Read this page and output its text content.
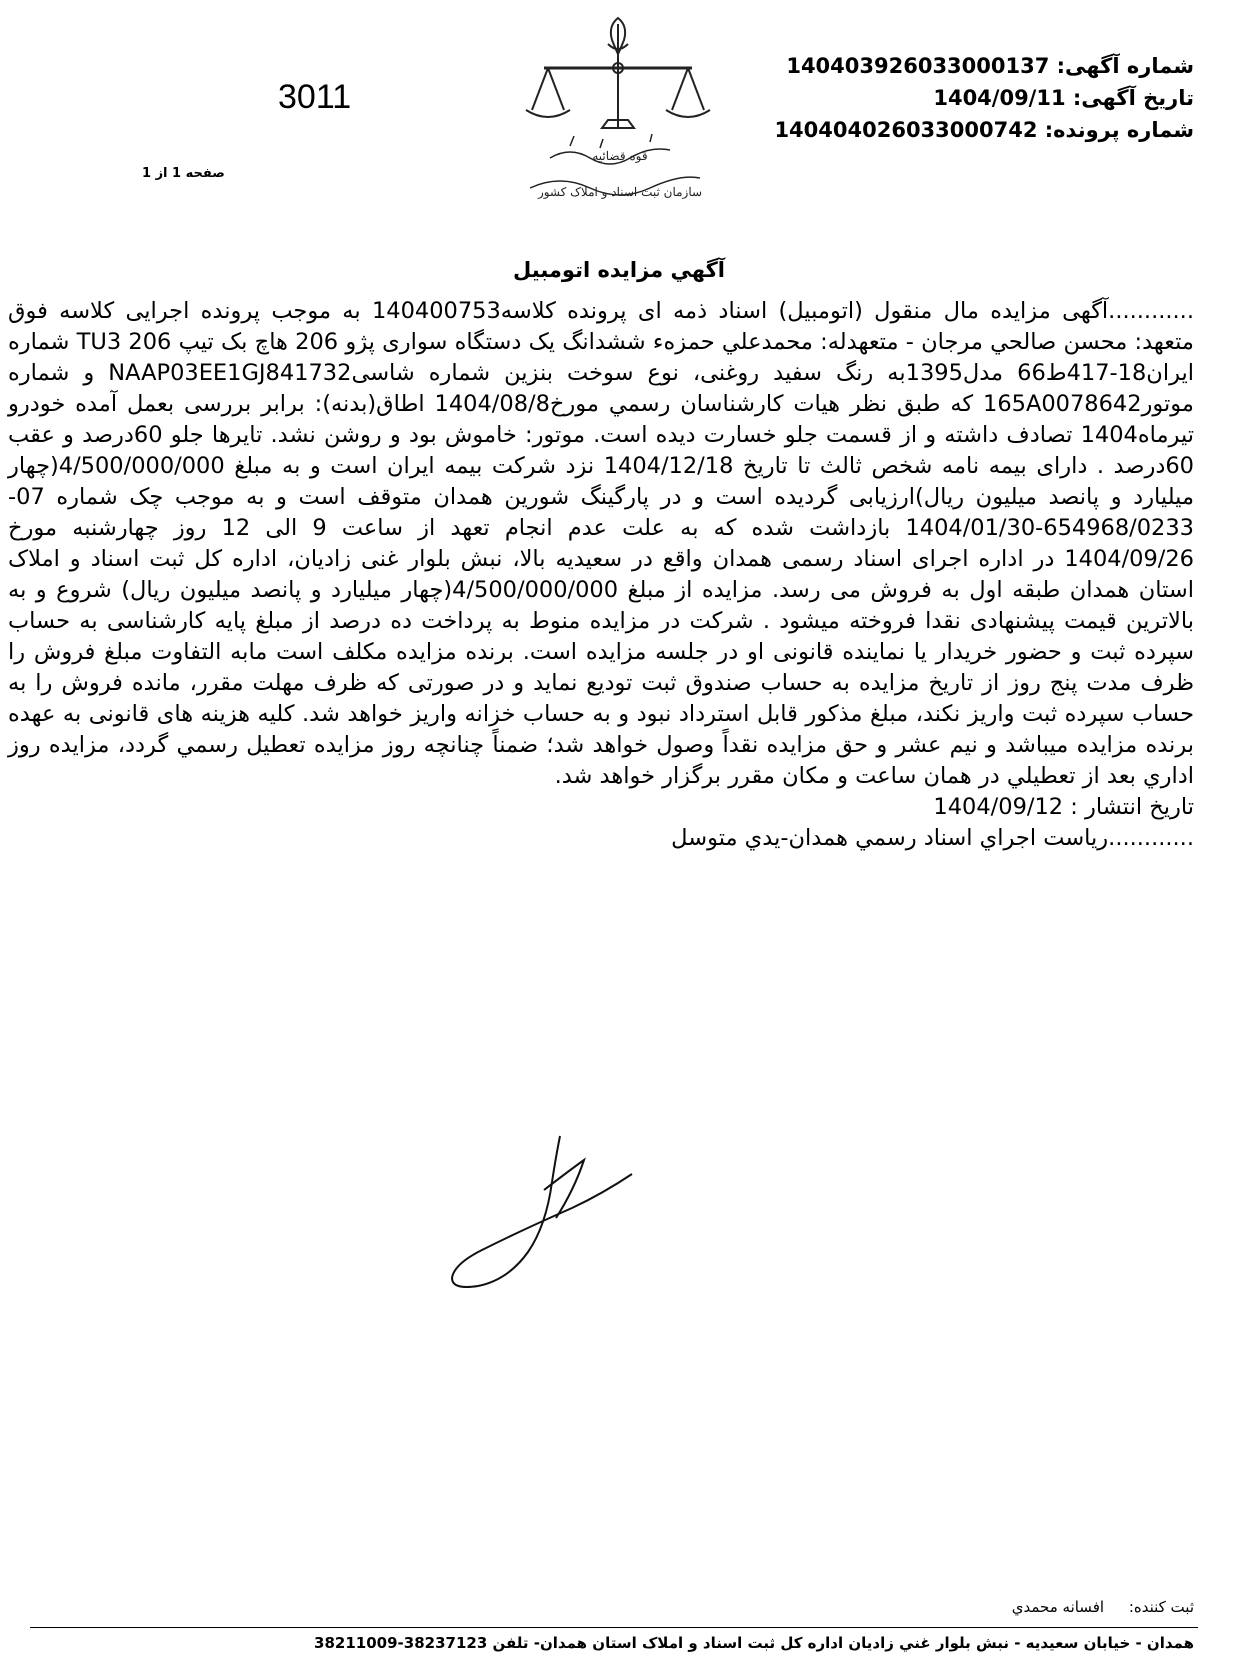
شماره آگهی: 140403926033000137
تاریخ آگهی: 1404/09/11
شماره پرونده: 140404026033000742
3011
صفحه 1 از 1
قوه قضائیه
سازمان ثبت اسناد و املاک کشور
آگهي مزايده اتومبيل

............آگهی مزایده مال منقول (اتومبیل) اسناد ذمه ای پرونده کلاسه140400753 به موجب پرونده اجرایی کلاسه فوق متعهد: محسن صالحي مرجان - متعهدله: محمدعلي حمزهء ششدانگ یک دستگاه سواری پژو 206 هاچ بک تیپ TU3 206 شماره ایران18-417ط66 مدل1395به رنگ سفید روغنی، نوع سوخت بنزین شماره شاسیNAAP03EE1GJ841732 و شماره موتور165A0078642 که طبق نظر هيات كارشناسان رسمي مورخ1404/08/8 اطاق(بدنه): برابر بررسی بعمل آمده خودرو تیرماه1404 تصادف داشته و از قسمت جلو خسارت دیده است. موتور: خاموش بود و روشن نشد. تایرها جلو 60درصد و عقب 60درصد . دارای بیمه نامه شخص ثالث تا تاریخ 1404/12/18 نزد شرکت بیمه ایران است و به مبلغ 4/500/000/000(چهار میلیارد و پانصد میلیون ریال)ارزیابی گردیده است و در پارگینگ شورین همدان متوقف است و به موجب چک شماره 07-654968/0233-1404/01/30 بازداشت شده که به علت عدم انجام تعهد از ساعت 9 الی 12 روز چهارشنبه مورخ 1404/09/26 در اداره اجرای اسناد رسمی همدان واقع در سعیدیه بالا، نبش بلوار غنی زادیان، اداره کل ثبت اسناد و املاک استان همدان طبقه اول به فروش می رسد. مزایده از مبلغ 4/500/000/000(چهار میلیارد و پانصد میلیون ریال) شروع و به بالاترین قیمت پیشنهادی نقدا فروخته میشود . شرکت در مزایده منوط به پرداخت ده درصد از مبلغ پایه کارشناسی به حساب سپرده ثبت و حضور خریدار یا نماینده قانونی او در جلسه مزایده است. برنده مزایده مکلف است مابه التفاوت مبلغ فروش را ظرف مدت پنج روز از تاریخ مزایده به حساب صندوق ثبت تودیع نماید و در صورتی که ظرف مهلت مقرر، مانده فروش را به حساب سپرده ثبت واریز نکند، مبلغ مذکور قابل استرداد نبود و به حساب خزانه واریز خواهد شد. کلیه هزینه های قانونی به عهده برنده مزایده میباشد و نیم عشر و حق مزایده نقداً وصول خواهد شد؛ ضمناً چنانچه روز مزایده تعطیل رسمي گردد، مزایده روز اداري بعد از تعطيلي در همان ساعت و مکان مقرر برگزار خواهد شد.

تاريخ انتشار : 1404/09/12

............رياست اجراي اسناد رسمي همدان-يدي متوسل

ثبت کننده: افسانه محمدي
همدان - خيابان سعيديه - نبش بلوار غني زاديان اداره کل ثبت اسناد و املاک استان همدان- تلفن 38237123-38211009
